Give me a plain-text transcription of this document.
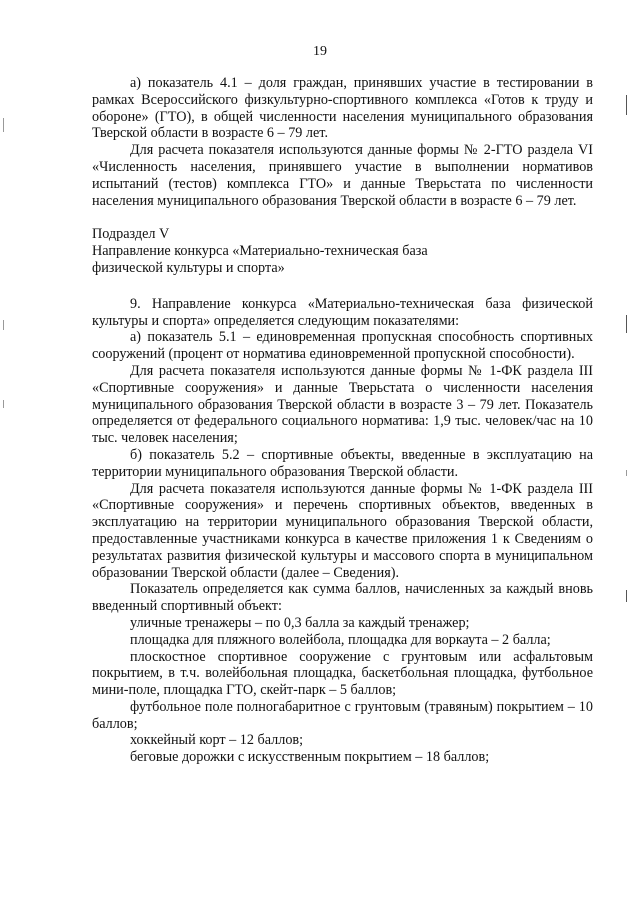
19

а) показатель 4.1 – доля граждан, принявших участие в тестировании в рамках Всероссийского физкультурно-спортивного комплекса «Готов к труду и обороне» (ГТО), в общей численности населения муниципального образования Тверской области в возрасте 6 – 79 лет.

Для расчета показателя используются данные формы № 2-ГТО раздела VI «Численность населения, принявшего участие в выполнении нормативов испытаний (тестов) комплекса ГТО» и данные Тверьстата по численности населения муниципального образования Тверской области в возрасте 6 – 79 лет.

Подраздел V

Направление конкурса «Материально-техническая база

физической культуры и спорта»

9. Направление конкурса «Материально-техническая база физической культуры и спорта» определяется следующим показателями:

а) показатель 5.1 – единовременная пропускная способность спортивных сооружений (процент от норматива единовременной пропускной способности).

Для расчета показателя используются данные формы № 1-ФК раздела III «Спортивные сооружения» и данные Тверьстата о численности населения муниципального образования Тверской области в возрасте 3 – 79 лет. Показатель определяется от федерального социального норматива: 1,9 тыс. человек/час на 10 тыс. человек населения;

б) показатель 5.2 – спортивные объекты, введенные в эксплуатацию на территории муниципального образования Тверской области.

Для расчета показателя используются данные формы № 1-ФК раздела III «Спортивные сооружения» и перечень спортивных объектов, введенных в эксплуатацию на территории муниципального образования Тверской области, предоставленные участниками конкурса в качестве приложения 1 к Сведениям о результатах развития физической культуры и массового спорта в муниципальном образовании Тверской области (далее – Сведения).

Показатель определяется как сумма баллов, начисленных за каждый вновь введенный спортивный объект:

уличные тренажеры – по 0,3 балла за каждый тренажер;

площадка для пляжного волейбола, площадка для воркаута – 2 балла;

плоскостное спортивное сооружение с грунтовым или асфальтовым покрытием, в т.ч. волейбольная площадка, баскетбольная площадка, футбольное мини-поле, площадка ГТО, скейт-парк – 5 баллов;

футбольное поле полногабаритное с грунтовым (травяным) покрытием – 10 баллов;

хоккейный корт – 12 баллов;

беговые дорожки с искусственным покрытием – 18 баллов;
